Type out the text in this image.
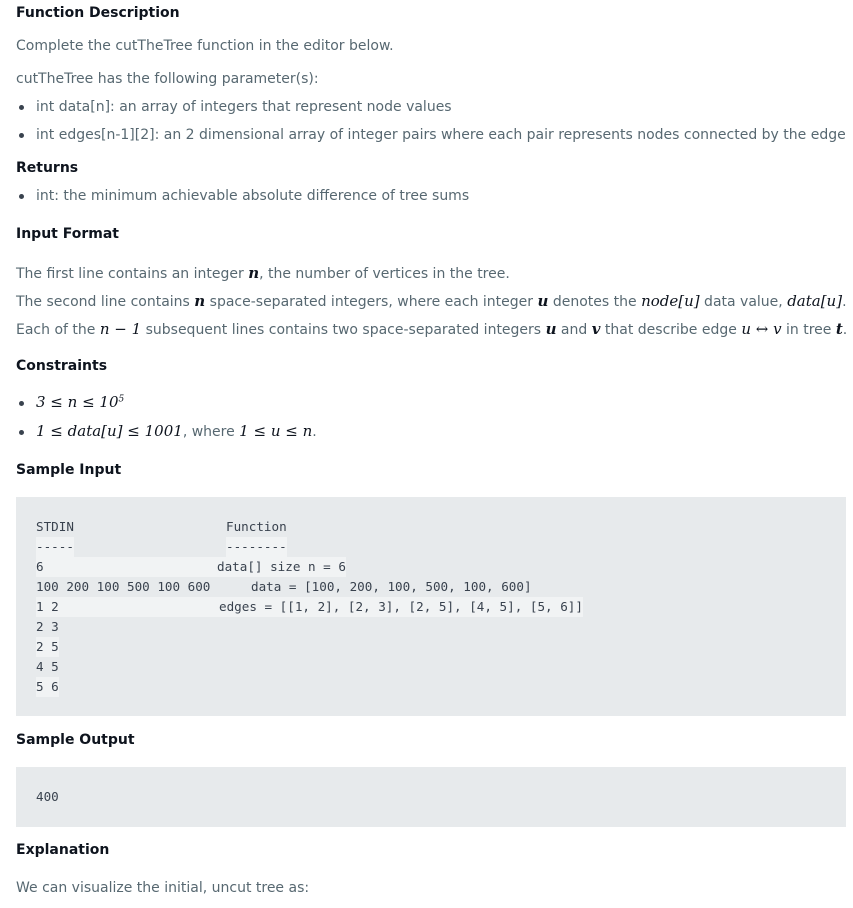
Function Description
Complete the cutTheTree function in the editor below.
cutTheTree has the following parameter(s):
int data[n]: an array of integers that represent node values
int edges[n-1][2]: an 2 dimensional array of integer pairs where each pair represents nodes connected by the edge
Returns
int: the minimum achievable absolute difference of tree sums
Input Format
The first line contains an integer n, the number of vertices in the tree.
The second line contains n space-separated integers, where each integer u denotes the node[u] data value, data[u].
Each of the n − 1 subsequent lines contains two space-separated integers u and v that describe edge u ↔ v in tree t.
Constraints
$3 \le n \le 10^5$
1 ≤ data[u] ≤ 1001, where 1 ≤ u ≤ n.
Sample Input
STDIN	Function
-----	--------
6	data[] size n = 6
100 200 100 500 100 600	data = [100, 200, 100, 500, 100, 600]
1 2	edges = [[1, 2], [2, 3], [2, 5], [4, 5], [5, 6]]
2 3
2 5
4 5
5 6
Sample Output
400
Explanation
We can visualize the initial, uncut tree as:
